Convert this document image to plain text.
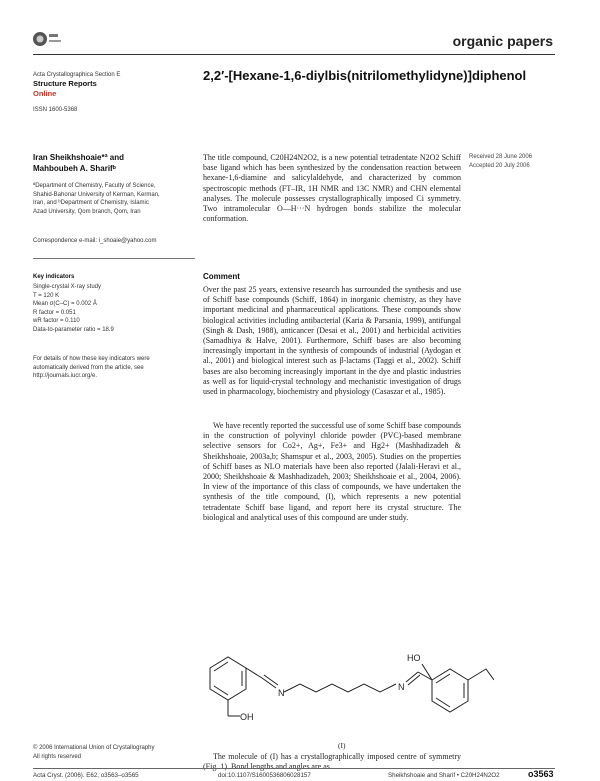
organic papers
Acta Crystallographica Section E
Structure Reports
Online
ISSN 1600-5368
2,2′-[Hexane-1,6-diylbis(nitrilomethylidyne)]diphenol
Iran Sheikhshoaie*ª and
Mahboubeh A. Sharifᵇ
ªDepartment of Chemistry, Faculty of Science,
Shahid-Bahonar University of Kerman, Kerman,
Iran, and ᵇDepartment of Chemistry, Islamic
Azad University, Qom branch, Qom, Iran
Correspondence e-mail: i_shoaie@yahoo.com
Key indicators
Single-crystal X-ray study
T = 120 K
Mean σ(C–C) = 0.002 Å
R factor = 0.051
wR factor = 0.110
Data-to-parameter ratio = 18.9
For details of how these key indicators were
automatically derived from the article, see
http://journals.iucr.org/e.
Received 28 June 2006
Accepted 20 July 2006
The title compound, C20H24N2O2, is a new potential tetradentate N2O2 Schiff base ligand which has been synthesized by the condensation reaction between hexane-1,6-diamine and salicylaldehyde, and characterized by common spectroscopic methods (FT–IR, 1H NMR and 13C NMR) and CHN elemental analyses. The molecule possesses crystallographically imposed Ci symmetry. Two intramolecular O—H···N hydrogen bonds stabilize the molecular conformation.
Comment
Over the past 25 years, extensive research has surrounded the synthesis and use of Schiff base compounds (Schiff, 1864) in inorganic chemistry, as they have important medicinal and pharmaceutical applications. These compounds show biological activities including antibacterial (Karia & Parsania, 1999), antifungal (Singh & Dash, 1988), anticancer (Desai et al., 2001) and herbicidal activities (Samadhiya & Halve, 2001). Furthermore, Schiff bases are also becoming increasingly important in the synthesis of compounds of industrial (Aydogan et al., 2001) and biological interest such as β-lactams (Taggi et al., 2002). Schiff bases are also becoming increasingly important in the dye and plastic industries as well as for liquid-crystal technology and mechanistic investigation of drugs used in pharmacology, biochemistry and physiology (Casaszar et al., 1985).
We have recently reported the successful use of some Schiff base compounds in the construction of polyvinyl chloride powder (PVC)-based membrane selective sensors for Co2+, Ag+, Fe3+ and Hg2+ (Mashhadizadeh & Sheikhshoaie, 2003a,b; Shamspur et al., 2003, 2005). Studies on the properties of Schiff bases as NLO materials have been also reported (Jalali-Heravi et al., 2000; Sheikhshoaie & Mashhadizadeh, 2003; Sheikhshoaie et al., 2004, 2006). In view of the importance of this class of compounds, we have undertaken the synthesis of the title compound, (I), which represents a new potential tetradentate Schiff base ligand, and report here its crystal structure. The biological and analytical uses of this compound are under study.
N
OH
N
HO
(I)
The molecule of (I) has a crystallographically imposed centre of symmetry (Fig. 1). Bond lengths and angles are as
© 2006 International Union of Crystallography
All rights reserved
Acta Cryst. (2006). E62, o3563–o3565	doi:10.1107/S1600536806028157	Sheikhshoaie and Sharif • C20H24N2O2	o3563
